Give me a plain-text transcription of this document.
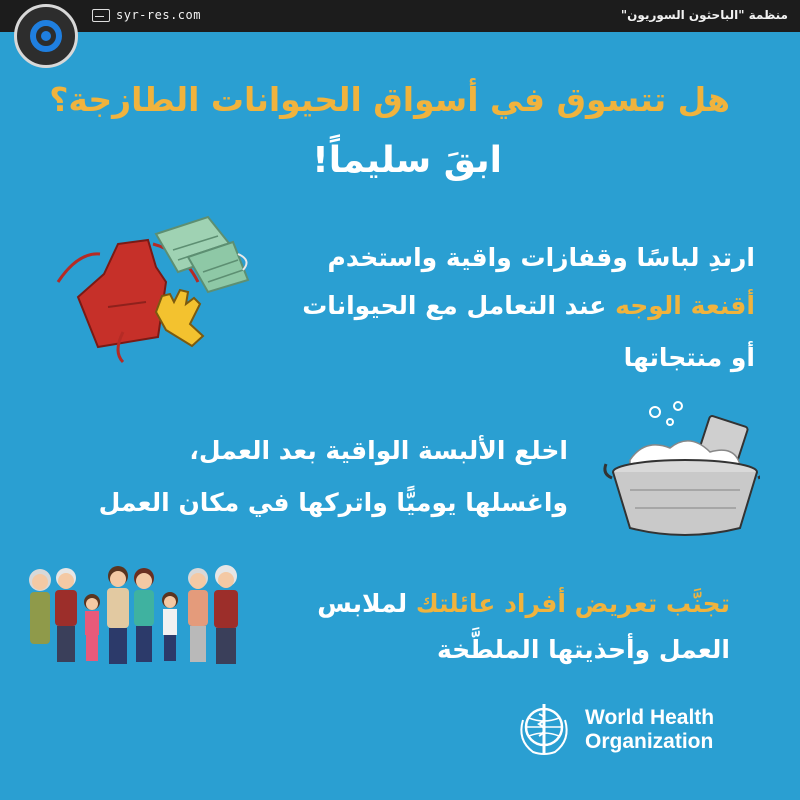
syr-res.com	منظمة "الباحثون السوريون"
هل تتسوق في أسواق الحيوانات الطازجة؟
ابقَ سليماً!
ارتدِ لباسًا وقفازات واقية واستخدم
أقنعة الوجه عند التعامل مع الحيوانات
أو منتجاتها
اخلع الألبسة الواقية بعد العمل،
واغسلها يوميًّا واتركها في مكان العمل
تجنَّب تعريض أفراد عائلتك لملابس
العمل وأحذيتها الملطَّخة
World Health
Organization
